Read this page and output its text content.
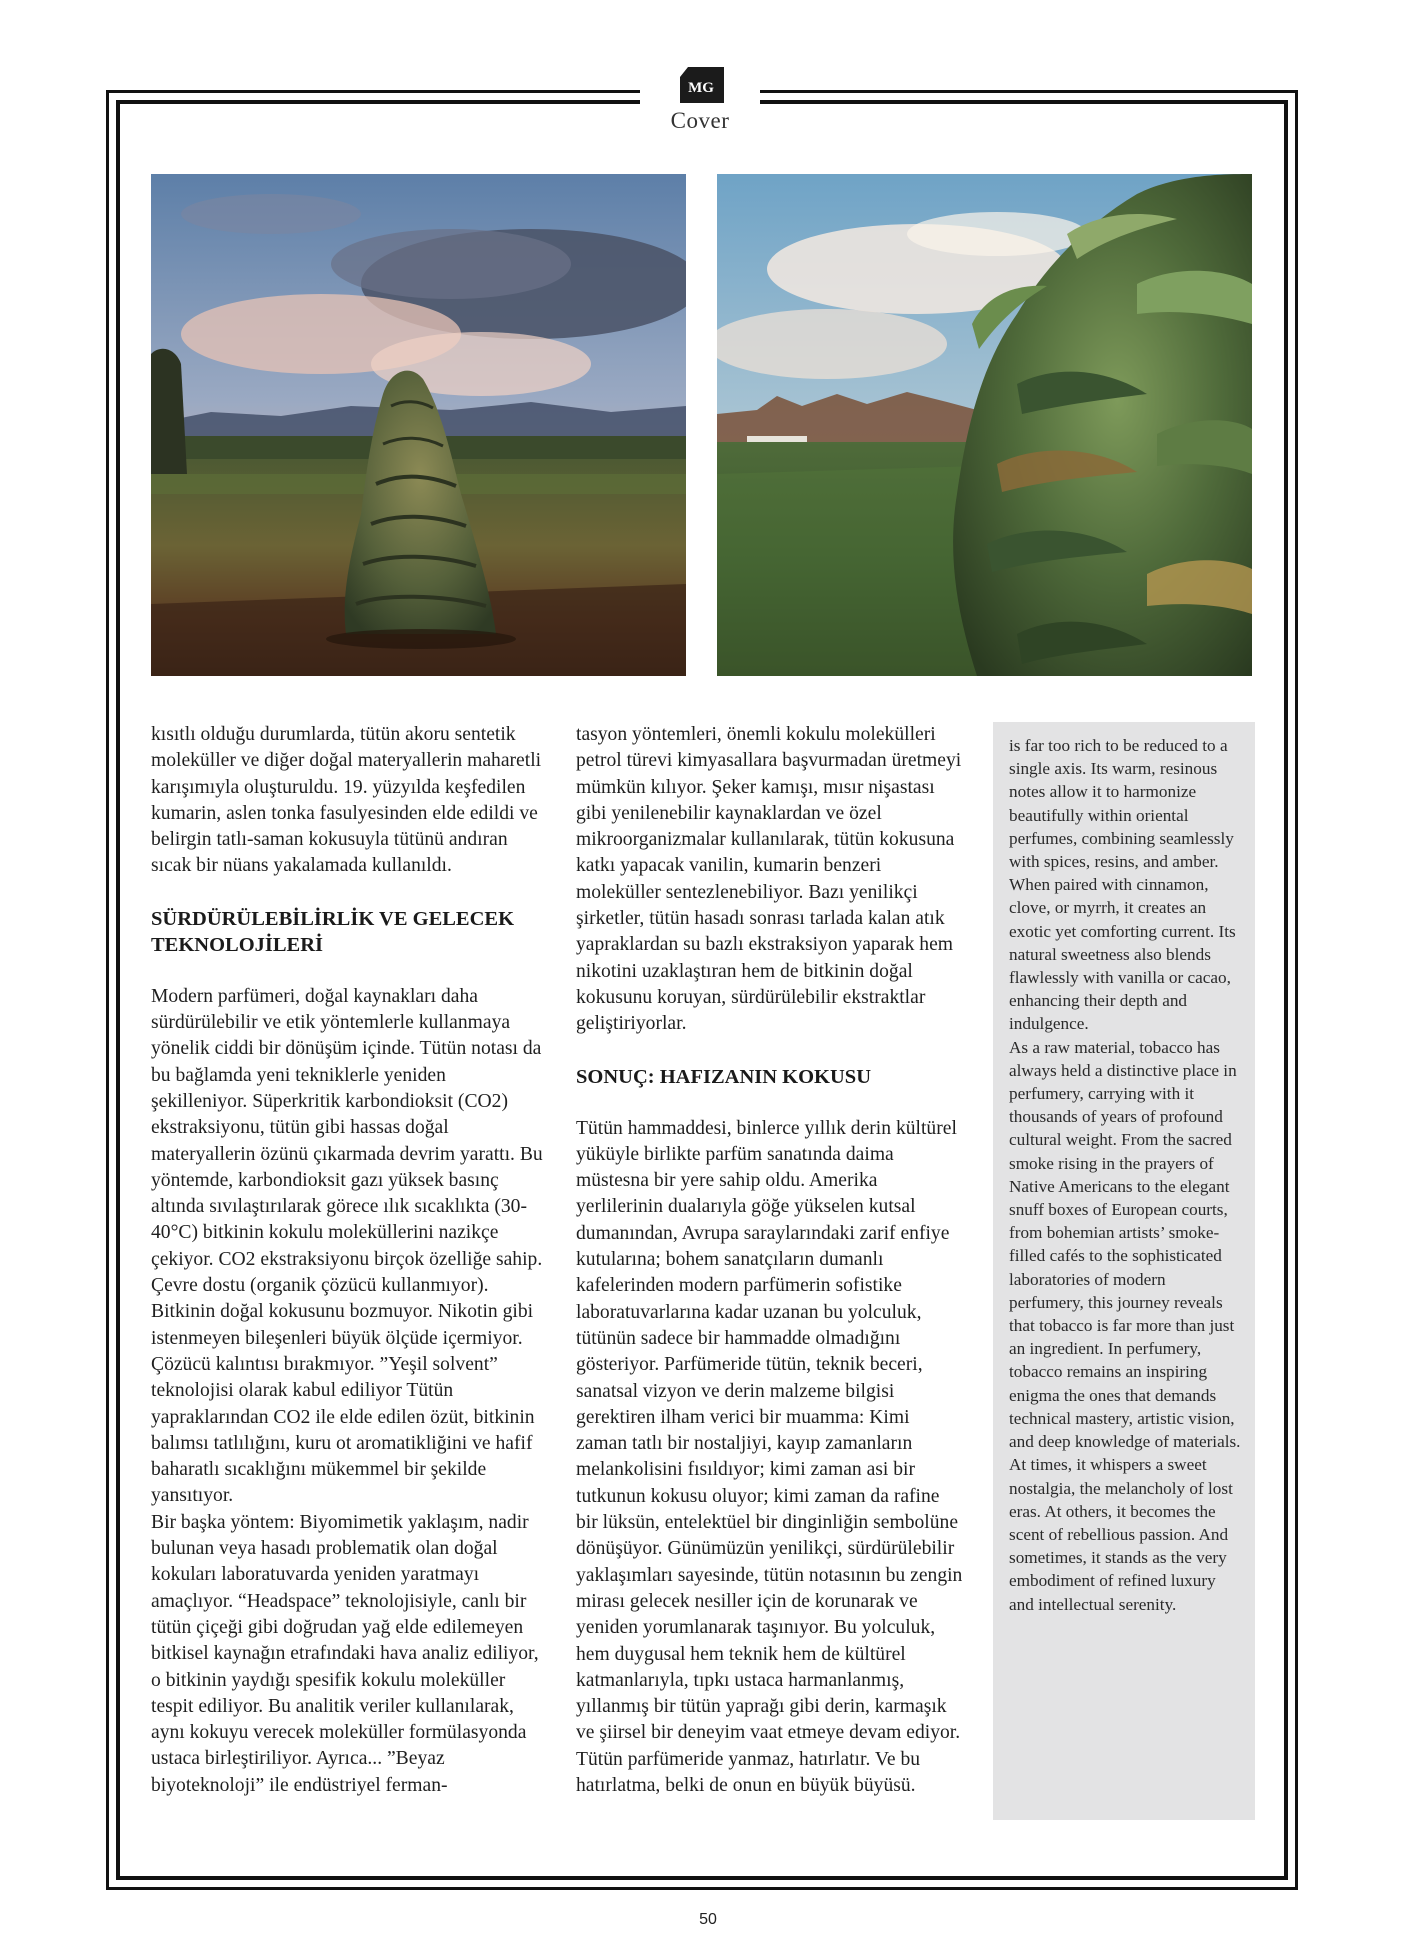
MG
Cover

kısıtlı olduğu durumlarda, tütün akoru sentetik moleküller ve diğer doğal materyallerin maharetli karışımıyla oluşturuldu. 19. yüzyılda keşfedilen kumarin, aslen tonka fasulyesinden elde edildi ve belirgin tatlı-saman kokusuyla tütünü andıran sıcak bir nüans yakalamada kullanıldı.

SÜRDÜRÜLEBİLİRLİK VE GELECEK TEKNOLOJİLERİ

Modern parfümeri, doğal kaynakları daha sürdürülebilir ve etik yöntemlerle kullanmaya yönelik ciddi bir dönüşüm içinde. Tütün notası da bu bağlamda yeni tekniklerle yeniden şekilleniyor. Süperkritik karbondioksit (CO2) ekstraksiyonu, tütün gibi hassas doğal materyallerin özünü çıkarmada devrim yarattı. Bu yöntemde, karbondioksit gazı yüksek basınç altında sıvılaştırılarak görece ılık sıcaklıkta (30-40°C) bitkinin kokulu moleküllerini nazikçe çekiyor. CO2 ekstraksiyonu birçok özelliğe sahip. Çevre dostu (organik çözücü kullanmıyor). Bitkinin doğal kokusunu bozmuyor. Nikotin gibi istenmeyen bileşenleri büyük ölçüde içermiyor. Çözücü kalıntısı bırakmıyor. ”Yeşil solvent” teknolojisi olarak kabul ediliyor Tütün yapraklarından CO2 ile elde edilen özüt, bitkinin balımsı tatlılığını, kuru ot aromatikliğini ve hafif baharatlı sıcaklığını mükemmel bir şekilde yansıtıyor.

Bir başka yöntem: Biyomimetik yaklaşım, nadir bulunan veya hasadı problematik olan doğal kokuları laboratuvarda yeniden yaratmayı amaçlıyor. “Headspace” teknolojisiyle, canlı bir tütün çiçeği gibi doğrudan yağ elde edilemeyen bitkisel kaynağın etrafındaki hava analiz ediliyor, o bitkinin yaydığı spesifik kokulu moleküller tespit ediliyor. Bu analitik veriler kullanılarak, aynı kokuyu verecek moleküller formülasyonda ustaca birleştiriliyor. Ayrıca... ”Beyaz biyoteknoloji” ile endüstriyel ferman-

tasyon yöntemleri, önemli kokulu molekülleri petrol türevi kimyasallara başvurmadan üretmeyi mümkün kılıyor. Şeker kamışı, mısır nişastası gibi yenilenebilir kaynaklardan ve özel mikroorganizmalar kullanılarak, tütün kokusuna katkı yapacak vanilin, kumarin benzeri moleküller sentezlenebiliyor. Bazı yenilikçi şirketler, tütün hasadı sonrası tarlada kalan atık yapraklardan su bazlı ekstraksiyon yaparak hem nikotini uzaklaştıran hem de bitkinin doğal kokusunu koruyan, sürdürülebilir ekstraktlar geliştiriyorlar.

SONUÇ: HAFIZANIN KOKUSU

Tütün hammaddesi, binlerce yıllık derin kültürel yüküyle birlikte parfüm sanatında daima müstesna bir yere sahip oldu. Amerika yerlilerinin dualarıyla göğe yükselen kutsal dumanından, Avrupa saraylarındaki zarif enfiye kutularına; bohem sanatçıların dumanlı kafelerinden modern parfümerin sofistike laboratuvarlarına kadar uzanan bu yolculuk, tütünün sadece bir hammadde olmadığını gösteriyor. Parfümeride tütün, teknik beceri, sanatsal vizyon ve derin malzeme bilgisi gerektiren ilham verici bir muamma: Kimi zaman tatlı bir nostaljiyi, kayıp zamanların melankolisini fısıldıyor; kimi zaman asi bir tutkunun kokusu oluyor; kimi zaman da rafine bir lüksün, entelektüel bir dinginliğin sembolüne dönüşüyor. Günümüzün yenilikçi, sürdürülebilir yaklaşımları sayesinde, tütün notasının bu zengin mirası gelecek nesiller için de korunarak ve yeniden yorumlanarak taşınıyor. Bu yolculuk, hem duygusal hem teknik hem de kültürel katmanlarıyla, tıpkı ustaca harmanlanmış, yıllanmış bir tütün yaprağı gibi derin, karmaşık ve şiirsel bir deneyim vaat etmeye devam ediyor.

Tütün parfümeride yanmaz, hatırlatır. Ve bu hatırlatma, belki de onun en büyük büyüsü.

is far too rich to be reduced to a single axis. Its warm, resinous notes allow it to harmonize beautifully within oriental perfumes, combining seamlessly with spices, resins, and amber. When paired with cinnamon, clove, or myrrh, it creates an exotic yet comforting current. Its natural sweetness also blends flawlessly with vanilla or cacao, enhancing their depth and indulgence.

As a raw material, tobacco has always held a distinctive place in perfumery, carrying with it thousands of years of profound cultural weight. From the sacred smoke rising in the prayers of Native Americans to the elegant snuff boxes of European courts, from bohemian artists’ smoke-filled cafés to the sophisticated laboratories of modern perfumery, this journey reveals that tobacco is far more than just an ingredient. In perfumery, tobacco remains an inspiring enigma the ones that demands technical mastery, artistic vision, and deep knowledge of materials. At times, it whispers a sweet nostalgia, the melancholy of lost eras. At others, it becomes the scent of rebellious passion. And sometimes, it stands as the very embodiment of refined luxury and intellectual serenity.

50
